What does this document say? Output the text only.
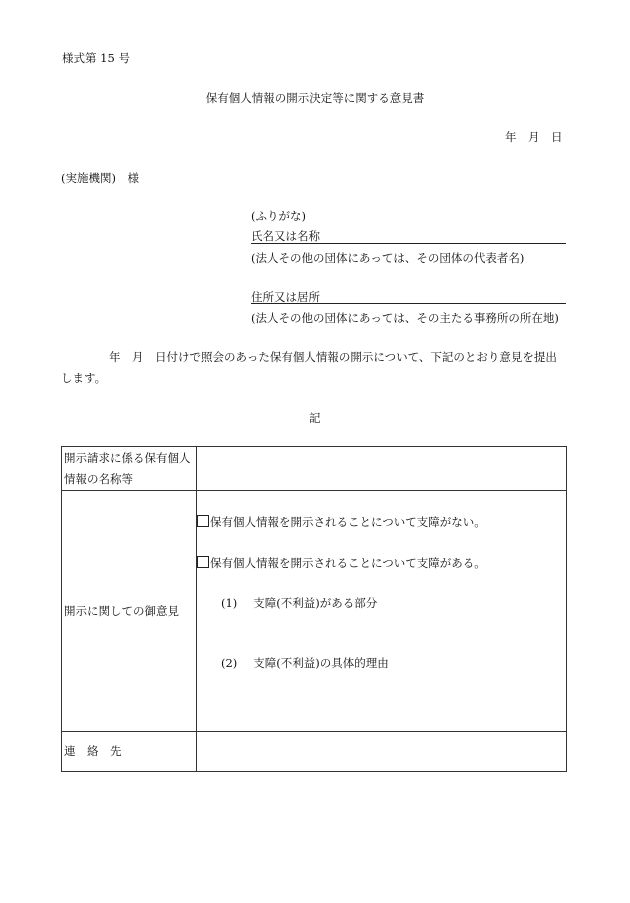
様式第 15 号
保有個人情報の開示決定等に関する意見書
年　月　日
(実施機関)　様
(ふりがな)
氏名又は名称
(法人その他の団体にあっては、その団体の代表者名)
住所又は居所
(法人その他の団体にあっては、その主たる事務所の所在地)
年　月　日付けで照会のあった保有個人情報の開示について、下記のとおり意見を提出
します。
記
開示請求に係る保有個人
情報の名称等	

開示に関しての御意見	保有個人情報を開示されることについて支障がない。
保有個人情報を開示されることについて支障がある。
(1) 支障(不利益)がある部分
(2) 支障(不利益)の具体的理由

連　絡　先	
